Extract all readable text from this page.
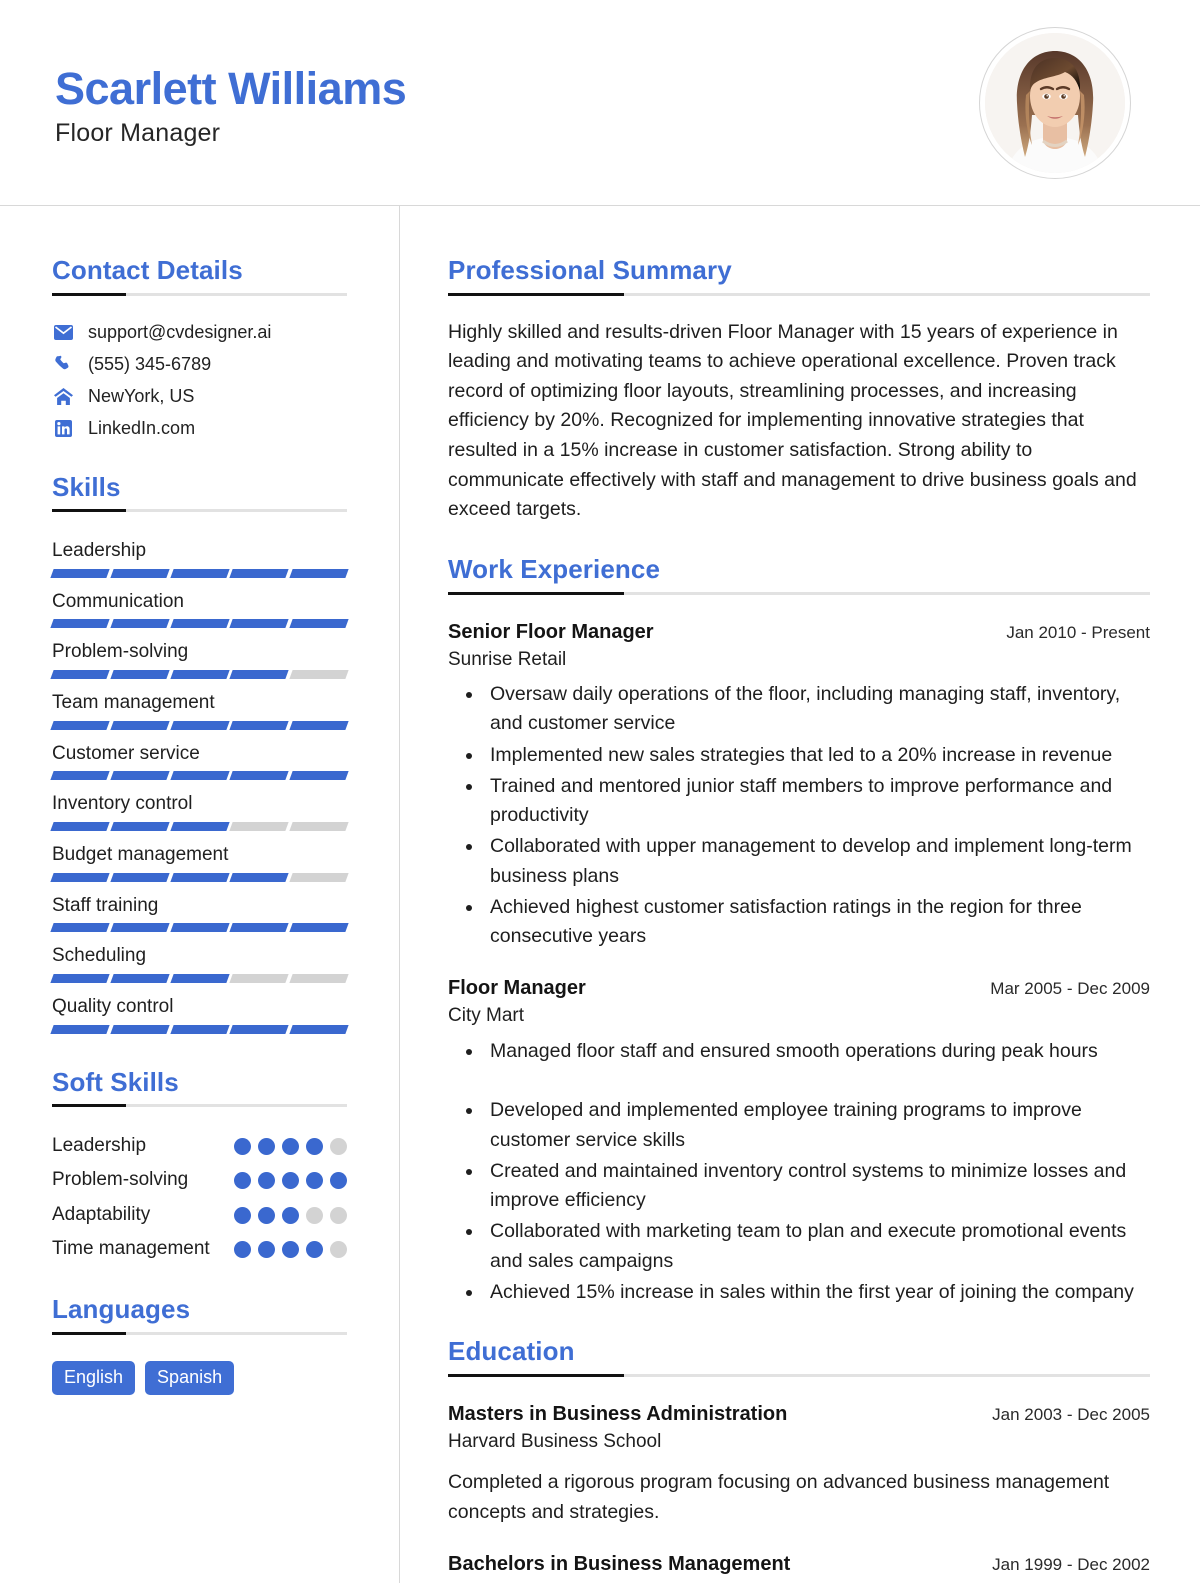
Scarlett Williams
Floor Manager
Contact Details
support@cvdesigner.ai
(555) 345-6789
NewYork, US
LinkedIn.com
Skills
Leadership
Communication
Problem-solving
Team management
Customer service
Inventory control
Budget management
Staff training
Scheduling
Quality control
Soft Skills
Leadership
Problem-solving
Adaptability
Time management
Languages
English	Spanish
Professional Summary

Highly skilled and results-driven Floor Manager with 15 years of experience in leading and motivating teams to achieve operational excellence. Proven track record of optimizing floor layouts, streamlining processes, and increasing efficiency by 20%. Recognized for implementing innovative strategies that resulted in a 15% increase in customer satisfaction. Strong ability to communicate effectively with staff and management to drive business goals and exceed targets.

Work Experience
Senior Floor Manager	Jan 2010 - Present
Sunrise Retail
• Oversaw daily operations of the floor, including managing staff, inventory, and customer service
• Implemented new sales strategies that led to a 20% increase in revenue
• Trained and mentored junior staff members to improve performance and productivity
• Collaborated with upper management to develop and implement long-term business plans
• Achieved highest customer satisfaction ratings in the region for three consecutive years
Floor Manager	Mar 2005 - Dec 2009
City Mart
• Managed floor staff and ensured smooth operations during peak hours
• Developed and implemented employee training programs to improve customer service skills
• Created and maintained inventory control systems to minimize losses and improve efficiency
• Collaborated with marketing team to plan and execute promotional events and sales campaigns
• Achieved 15% increase in sales within the first year of joining the company
Education
Masters in Business Administration	Jan 2003 - Dec 2005
Harvard Business School
Completed a rigorous program focusing on advanced business management concepts and strategies.
Bachelors in Business Management	Jan 1999 - Dec 2002
